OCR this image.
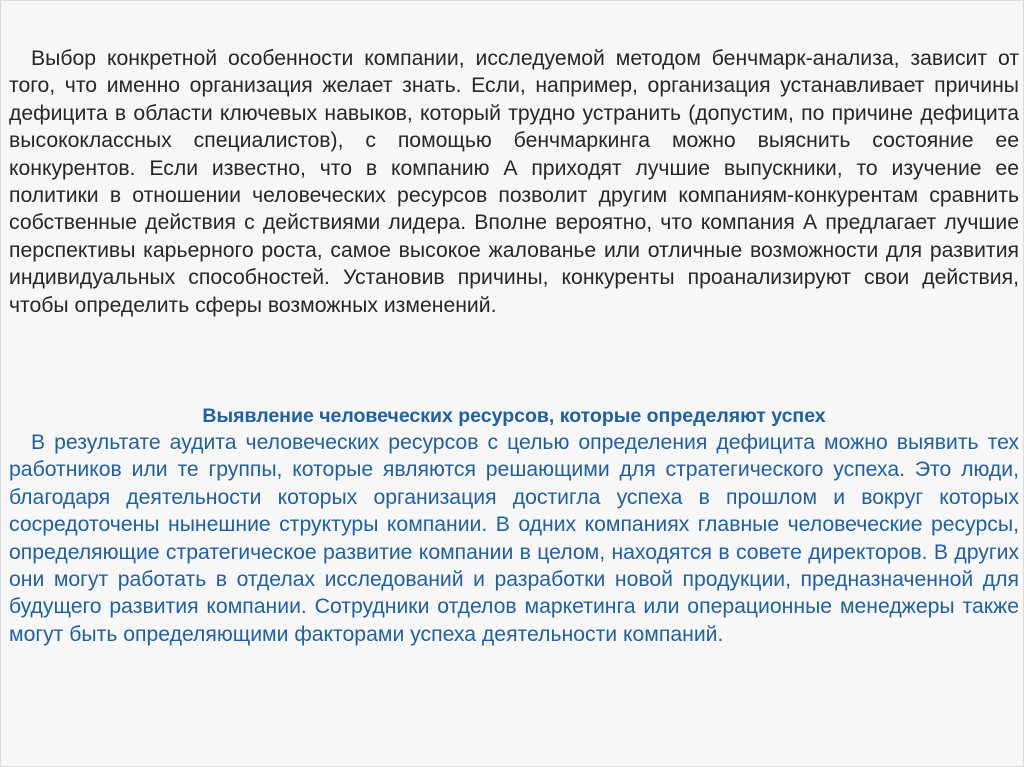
Выбор конкретной особенности компании, исследуемой методом бенчмарк-анализа, зависит от того, что именно организация желает знать. Если, например, организация устанавливает причины дефицита в области ключевых навыков, который трудно устранить (допустим, по причине дефицита высококлассных специалистов), с помощью бенчмаркинга можно выяснить состояние ее конкурентов. Если известно, что в компанию А приходят лучшие выпускники, то изучение ее политики в отношении человеческих ресурсов позволит другим компаниям-конкурентам сравнить собственные действия с действиями лидера. Вполне вероятно, что компания А предлагает лучшие перспективы карьерного роста, самое высокое жалованье или отличные возможности для развития индивидуальных способностей. Установив причины, конкуренты проанализируют свои действия, чтобы определить сферы возможных изменений.

Выявление человеческих ресурсов, которые определяют успех

В результате аудита человеческих ресурсов с целью определения дефицита можно выявить тех работников или те группы, которые являются решающими для стратегического успеха. Это люди, благодаря деятельности которых организация достигла успеха в прошлом и вокруг которых сосредоточены нынешние структуры компании. В одних компаниях главные человеческие ресурсы, определяющие стратегическое развитие компании в целом, находятся в совете директоров. В других они могут работать в отделах исследований и разработки новой продукции, предназначенной для будущего развития компании. Сотрудники отделов маркетинга или операционные менеджеры также могут быть определяющими факторами успеха деятельности компаний.
